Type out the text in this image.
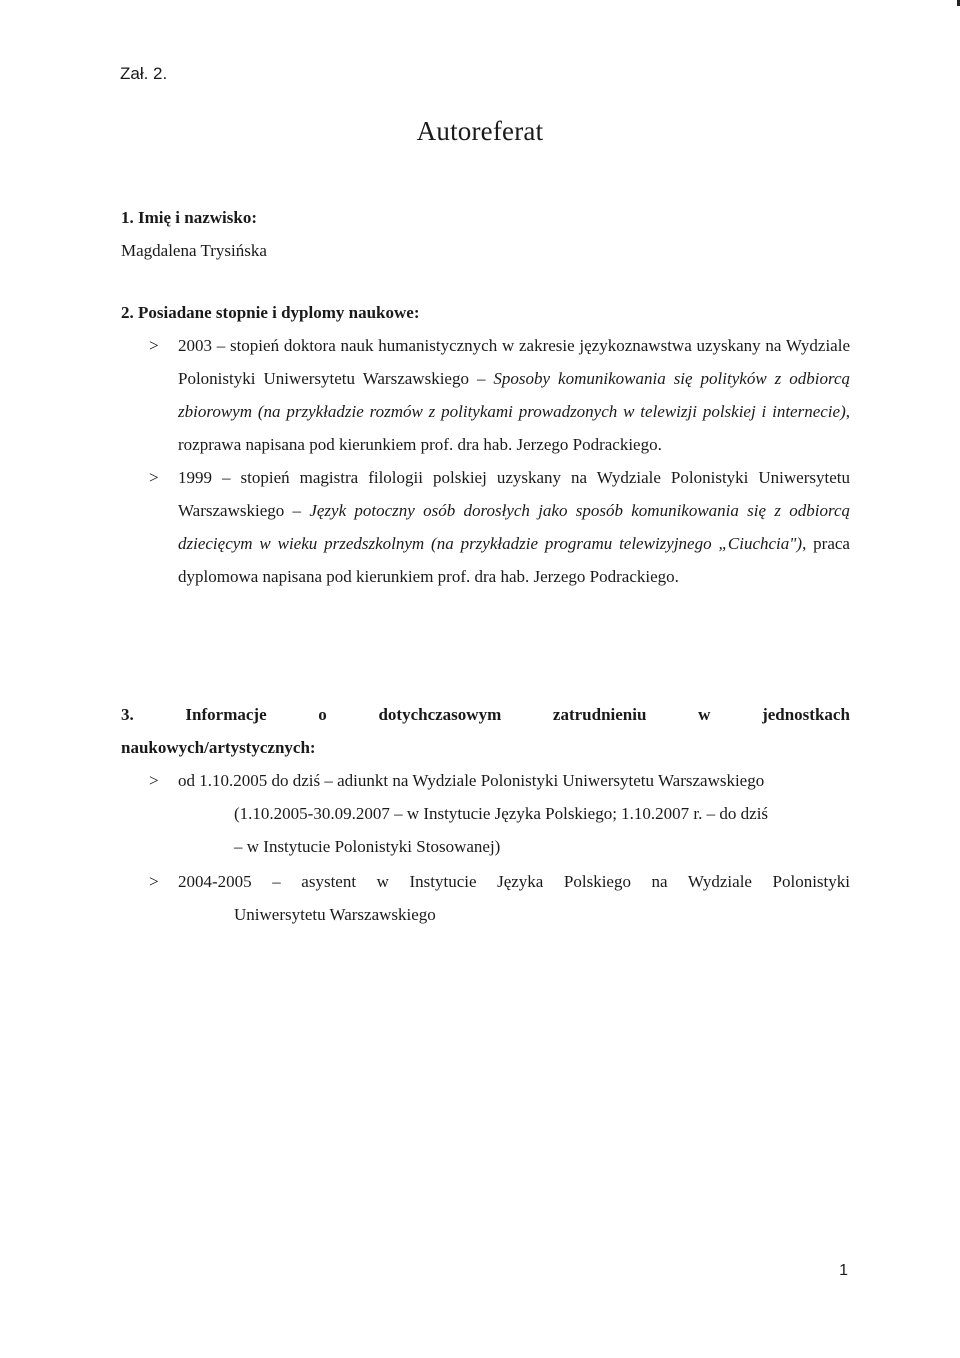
Zał. 2.
Autoreferat
1. Imię i nazwisko:
Magdalena Trysińska
2. Posiadane stopnie i dyplomy naukowe:
> 2003 – stopień doktora nauk humanistycznych w zakresie językoznawstwa uzyskany na Wydziale Polonistyki Uniwersytetu Warszawskiego – Sposoby komunikowania się polityków z odbiorcą zbiorowym (na przykładzie rozmów z politykami prowadzonych w telewizji polskiej i internecie), rozprawa napisana pod kierunkiem prof. dra hab. Jerzego Podrackiego.
> 1999 – stopień magistra filologii polskiej uzyskany na Wydziale Polonistyki Uniwersytetu Warszawskiego – Język potoczny osób dorosłych jako sposób komunikowania się z odbiorcą dziecięcym w wieku przedszkolnym (na przykładzie programu telewizyjnego „Ciuchcia"), praca dyplomowa napisana pod kierunkiem prof. dra hab. Jerzego Podrackiego.
3.	Informacje	o	dotychczasowym	zatrudnieniu	w	jednostkach
naukowych/artystycznych:
> od 1.10.2005 do dziś – adiunkt na Wydziale Polonistyki Uniwersytetu Warszawskiego
(1.10.2005-30.09.2007 – w Instytucie Języka Polskiego; 1.10.2007 r. – do dziś
– w Instytucie Polonistyki Stosowanej)
> 2004-2005 – asystent w Instytucie Języka Polskiego na Wydziale Polonistyki
Uniwersytetu Warszawskiego
1
